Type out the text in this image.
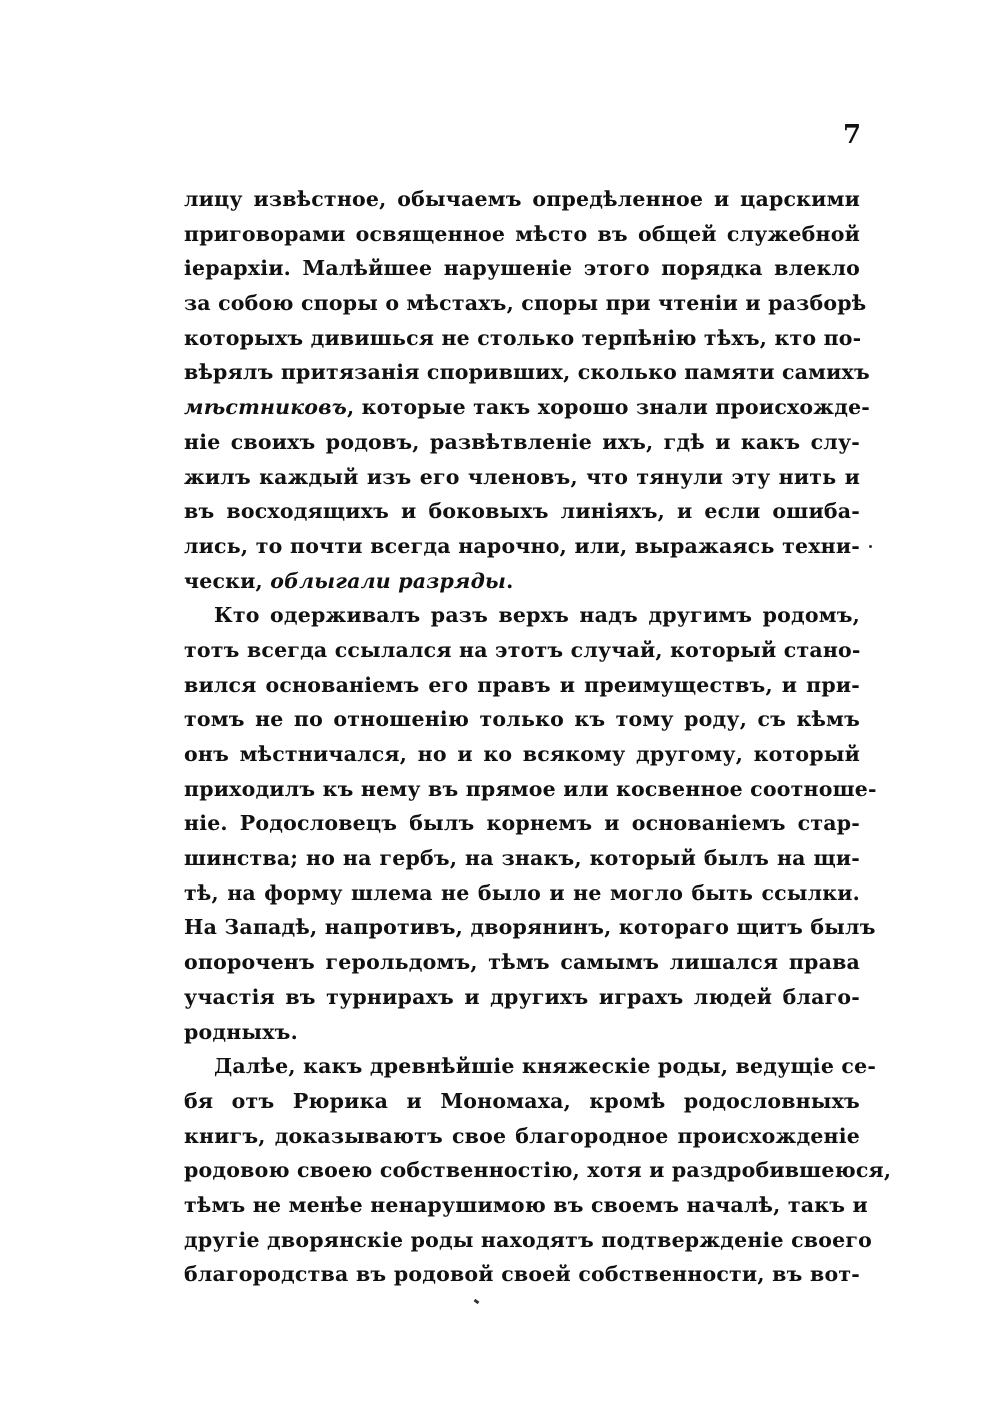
7
лицу извѣстное, обычаемъ опредѣленное и царскими
приговорами освященное мѣсто въ общей служебной
iерархiи. Малѣйшее нарушенiе этого порядка влекло
за собою споры о мѣстахъ, споры при чтенiи и разборѣ
которыхъ дивишься не столько терпѣнiю тѣхъ, кто по-
вѣрялъ притязанiя споривших, сколько памяти самихъ
мѣстниковъ, которые такъ хорошо знали происхожде-
нiе своихъ родовъ, развѣтвленiе ихъ, гдѣ и какъ слу-
жилъ каждый изъ его членовъ, что тянули эту нить и
въ восходящихъ и боковыхъ линiяхъ, и если ошиба-
лись, то почти всегда нарочно, или, выражаясь техни-
чески, облыгали разряды.
Кто одерживалъ разъ верхъ надъ другимъ родомъ,
тотъ всегда ссылался на этотъ случай, который стано-
вился основанiемъ его правъ и преимуществъ, и при-
томъ не по отношенiю только къ тому роду, съ кѣмъ
онъ мѣстничался, но и ко всякому другому, который
приходилъ къ нему въ прямое или косвенное соотноше-
нiе. Родословецъ былъ корнемъ и основанiемъ стар-
шинства; но на гербъ, на знакъ, который былъ на щи-
тѣ, на форму шлема не было и не могло быть ссылки.
На Западѣ, напротивъ, дворянинъ, котораго щитъ былъ
опороченъ герольдомъ, тѣмъ самымъ лишался права
участiя въ турнирахъ и другихъ играхъ людей благо-
родныхъ.
Далѣе, какъ древнѣйшiе княжескiе роды, ведущiе се-
бя отъ Рюрика и Мономаха, кромѣ родословныхъ
книгъ, доказываютъ свое благородное происхожденiе
родовою своею собственностiю, хотя и раздробившеюся,
тѣмъ не менѣе ненарушимою въ своемъ началѣ, такъ и
другiе дворянскiе роды находятъ подтвержденiе своего
благородства въ родовой своей собственности, въ вот-
